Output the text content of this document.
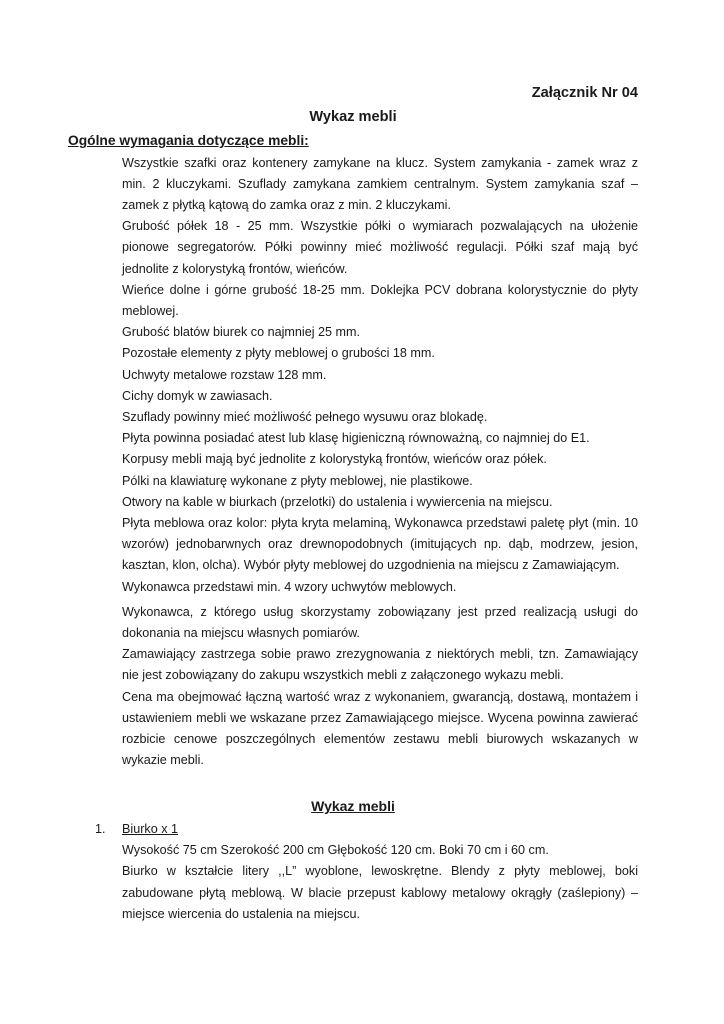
Załącznik Nr 04
Wykaz mebli
Ogólne wymagania dotyczące mebli:

Wszystkie szafki oraz kontenery zamykane na klucz. System zamykania - zamek wraz z min. 2 kluczykami. Szuflady zamykana zamkiem centralnym. System zamykania szaf – zamek z płytką kątową do zamka oraz z min. 2 kluczykami.

Grubość półek 18 - 25 mm. Wszystkie półki o wymiarach pozwalających na ułożenie pionowe segregatorów. Półki powinny mieć możliwość regulacji. Półki szaf mają być jednolite z kolorystyką frontów, wieńców.

Wieńce dolne i górne grubość 18-25 mm. Doklejka PCV dobrana kolorystycznie do płyty meblowej.

Grubość blatów biurek co najmniej 25 mm.

Pozostałe elementy z płyty meblowej o grubości 18 mm.

Uchwyty metalowe rozstaw 128 mm.

Cichy domyk w zawiasach.

Szuflady powinny mieć możliwość pełnego wysuwu oraz blokadę.

Płyta powinna posiadać atest lub klasę higieniczną równoważną, co najmniej do E1.

Korpusy mebli mają być jednolite z kolorystyką frontów, wieńców oraz półek.

Pólki na klawiaturę wykonane z płyty meblowej, nie plastikowe.

Otwory na kable w biurkach (przelotki) do ustalenia i wywiercenia na miejscu.

Płyta meblowa oraz kolor: płyta kryta melaminą, Wykonawca przedstawi paletę płyt (min. 10 wzorów) jednobarwnych oraz drewnopodobnych (imitujących np. dąb, modrzew, jesion, kasztan, klon, olcha). Wybór płyty meblowej do uzgodnienia na miejscu z Zamawiającym.

Wykonawca przedstawi min. 4 wzory uchwytów meblowych.

Wykonawca, z którego usług skorzystamy zobowiązany jest przed realizacją usługi do dokonania na miejscu własnych pomiarów.

Zamawiający zastrzega sobie prawo zrezygnowania z niektórych mebli, tzn. Zamawiający nie jest zobowiązany do zakupu wszystkich mebli z załączonego wykazu mebli.

Cena ma obejmować łączną wartość wraz z wykonaniem, gwarancją, dostawą, montażem i ustawieniem mebli we wskazane przez Zamawiającego miejsce. Wycena powinna zawierać rozbicie cenowe poszczególnych elementów zestawu mebli biurowych wskazanych w wykazie mebli.

Wykaz mebli

1. Biurko x 1

Wysokość 75 cm Szerokość 200 cm Głębokość 120 cm. Boki 70 cm i 60 cm.

Biurko w kształcie litery ,,L” wyoblone, lewoskrętne. Blendy z płyty meblowej, boki zabudowane płytą meblową. W blacie przepust kablowy metalowy okrągły (zaślepiony) – miejsce wiercenia do ustalenia na miejscu.
